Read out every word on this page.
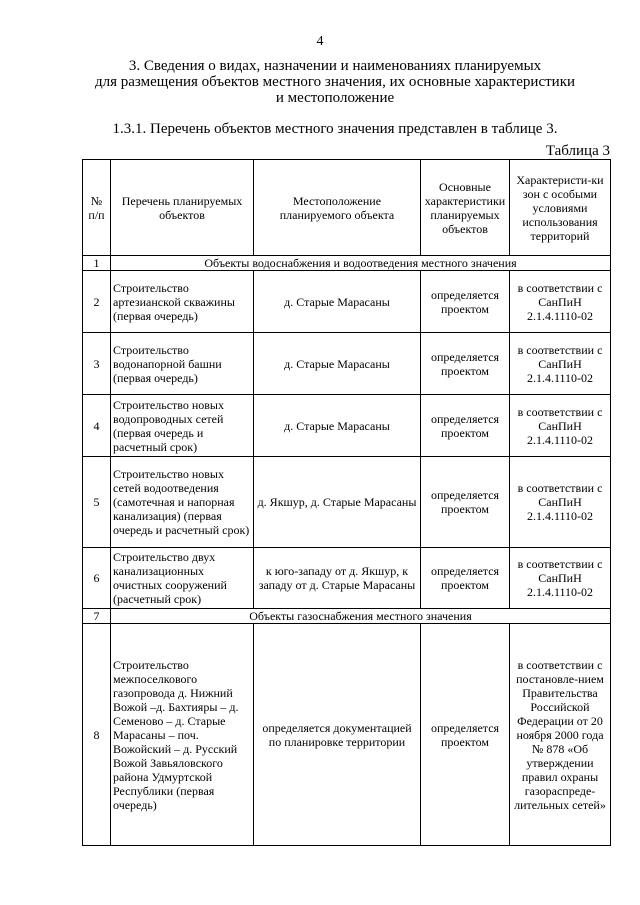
4
3. Сведения о видах, назначении и наименованиях планируемых
для размещения объектов местного значения, их основные характеристики
и местоположение
1.3.1. Перечень объектов местного значения представлен в таблице 3.
Таблица 3
№ п/п	Перечень планируемых объектов	Местоположение планируемого объекта	Основные характеристики планируемых объектов	Характеристи-ки зон с особыми условиями использования территорий
1	Объекты водоснабжения и водоотведения местного значения			
2	Строительство артезианской скважины (первая очередь)	д. Старые Марасаны	определяется проектом	в соответствии с СанПиН 2.1.4.1110-02
3	Строительство водонапорной башни (первая очередь)	д. Старые Марасаны	определяется проектом	в соответствии с СанПиН 2.1.4.1110-02
4	Строительство новых водопроводных сетей (первая очередь и расчетный срок)	д. Старые Марасаны	определяется проектом	в соответствии с СанПиН 2.1.4.1110-02
5	Строительство новых сетей водоотведения (самотечная и напорная канализация) (первая очередь и расчетный срок)	д. Якшур, д. Старые Марасаны	определяется проектом	в соответствии с СанПиН 2.1.4.1110-02
6	Строительство двух канализационных очистных сооружений (расчетный срок)	к юго-западу от д. Якшур, к западу от д. Старые Марасаны	определяется проектом	в соответствии с СанПиН 2.1.4.1110-02
7	Объекты газоснабжения местного значения			
8	Строительство межпоселкового газопровода д. Нижний Вожой –д. Бахтияры – д. Семеново – д. Старые Марасаны – поч. Вожойский – д. Русский Вожой Завьяловского района Удмуртской Республики (первая очередь)	определяется документацией по планировке территории	определяется проектом	в соответствии с постановле-нием Правительства Российской Федерации от 20 ноября 2000 года № 878 «Об утверждении правил охраны газораспреде-лительных сетей»
